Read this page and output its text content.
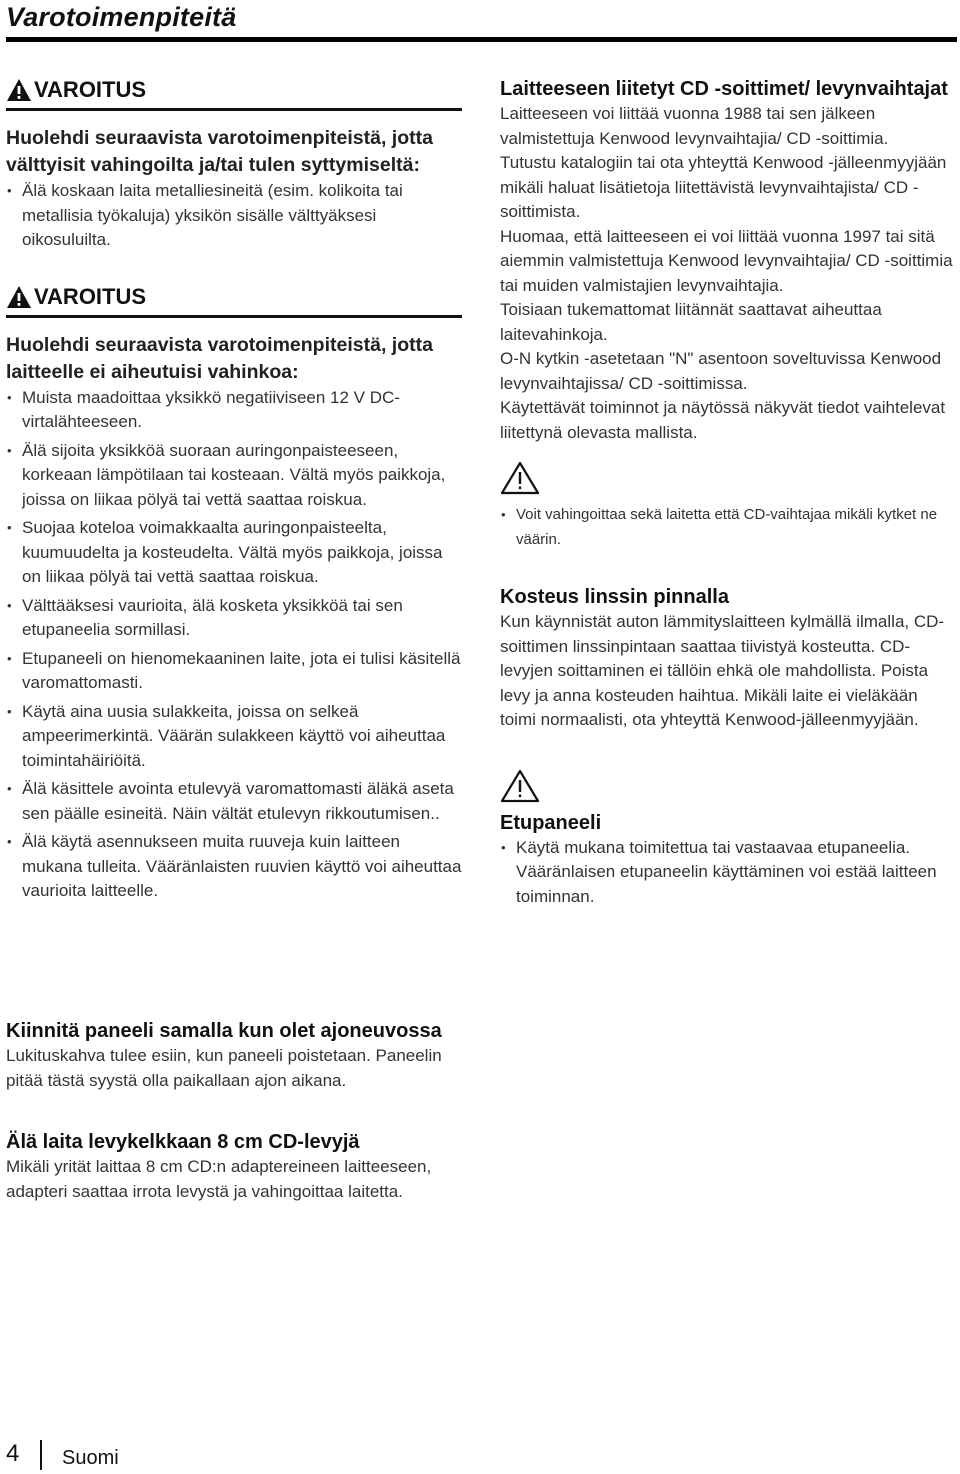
Varotoimenpiteitä
VAROITUS
Huolehdi seuraavista varotoimenpiteistä, jotta välttyisit vahingoilta ja/tai tulen syttymiseltä:
• Älä koskaan laita metalliesineitä (esim. kolikoita tai metallisia työkaluja) yksikön sisälle välttyäksesi oikosuluilta.
VAROITUS
Huolehdi seuraavista varotoimenpiteistä, jotta laitteelle ei aiheutuisi vahinkoa:
• Muista maadoittaa yksikkö negatiiviseen 12 V DC-virtalähteeseen.
• Älä sijoita yksikköä suoraan auringonpaisteeseen, korkeaan lämpötilaan tai kosteaan. Vältä myös paikkoja, joissa on liikaa pölyä tai vettä saattaa roiskua.
• Suojaa koteloa voimakkaalta auringonpaisteelta, kuumuudelta ja kosteudelta. Vältä myös paikkoja, joissa on liikaa pölyä tai vettä saattaa roiskua.
• Välttääksesi vaurioita, älä kosketa yksikköä tai sen etupaneelia sormillasi.
• Etupaneeli on hienomekaaninen laite, jota ei tulisi käsitellä varomattomasti.
• Käytä aina uusia sulakkeita, joissa on selkeä ampeerimerkintä. Väärän sulakkeen käyttö voi aiheuttaa toimintahäiriöitä.
• Älä käsittele avointa etulevyä varomattomasti äläkä aseta sen päälle esineitä. Näin vältät etulevyn rikkoutumisen..
• Älä käytä asennukseen muita ruuveja kuin laitteen mukana tulleita. Vääränlaisten ruuvien käyttö voi aiheuttaa vaurioita laitteelle.
Kiinnitä paneeli samalla kun olet ajoneuvossa
Lukituskahva tulee esiin, kun paneeli poistetaan. Paneelin pitää tästä syystä olla paikallaan ajon aikana.
Älä laita levykelkkaan 8 cm CD-levyjä
Mikäli yrität laittaa 8 cm CD:n adaptereineen laitteeseen, adapteri saattaa irrota levystä ja vahingoittaa laitetta.
Laitteeseen liitetyt CD -soittimet/ levynvaihtajat
Laitteeseen voi liittää vuonna 1988 tai sen jälkeen valmistettuja Kenwood levynvaihtajia/ CD -soittimia.
Tutustu katalogiin tai ota yhteyttä Kenwood -jälleenmyyjään mikäli haluat lisätietoja liitettävistä levynvaihtajista/ CD -soittimista.
Huomaa, että laitteeseen ei voi liittää vuonna 1997 tai sitä aiemmin valmistettuja Kenwood levynvaihtajia/ CD -soittimia tai muiden valmistajien levynvaihtajia.
Toisiaan tukemattomat liitännät saattavat aiheuttaa laitevahinkoja.
O-N kytkin -asetetaan "N" asentoon soveltuvissa Kenwood levynvaihtajissa/ CD -soittimissa.
Käytettävät toiminnot ja näytössä näkyvät tiedot vaihtelevat liitettynä olevasta mallista.
• Voit vahingoittaa sekä laitetta että CD-vaihtajaa mikäli kytket ne väärin.
Kosteus linssin pinnalla
Kun käynnistät auton lämmityslaitteen kylmällä ilmalla, CD-soittimen linssinpintaan saattaa tiivistyä kosteutta. CD-levyjen soittaminen ei tällöin ehkä ole mahdollista. Poista levy ja anna kosteuden haihtua. Mikäli laite ei vieläkään toimi normaalisti, ota yhteyttä Kenwood-jälleenmyyjään.
Etupaneeli
• Käytä mukana toimitettua tai vastaavaa etupaneelia. Vääränlaisen etupaneelin käyttäminen voi estää laitteen toiminnan.
4 Suomi
